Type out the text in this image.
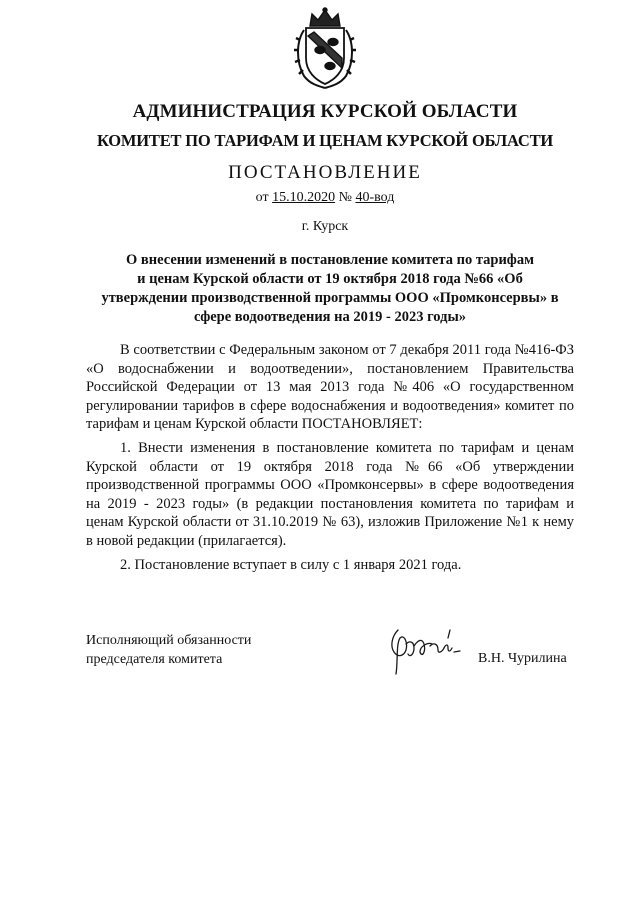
АДМИНИСТРАЦИЯ КУРСКОЙ ОБЛАСТИ
КОМИТЕТ ПО ТАРИФАМ И ЦЕНАМ КУРСКОЙ ОБЛАСТИ
ПОСТАНОВЛЕНИЕ
от 15.10.2020 № 40-вод
г. Курск
О внесении изменений в постановление комитета по тарифам
и ценам Курской области от 19 октября 2018 года №66 «Об
утверждении производственной программы ООО «Промконсервы» в
сфере водоотведения на 2019 - 2023 годы»

В соответствии с Федеральным законом от 7 декабря 2011 года №416-ФЗ «О водоснабжении и водоотведении», постановлением Правительства Российской Федерации от 13 мая 2013 года №406 «О государственном регулировании тарифов в сфере водоснабжения и водоотведения» комитет по тарифам и ценам Курской области ПОСТАНОВЛЯЕТ:

1. Внести изменения в постановление комитета по тарифам и ценам Курской области от 19 октября 2018 года №66 «Об утверждении производственной программы ООО «Промконсервы» в сфере водоотведения на 2019 - 2023 годы» (в редакции постановления комитета по тарифам и ценам Курской области от 31.10.2019 № 63), изложив Приложение №1 к нему в новой редакции (прилагается).

2. Постановление вступает в силу с 1 января 2021 года.

Исполняющий обязанности
председателя комитета	В.Н. Чурилина
